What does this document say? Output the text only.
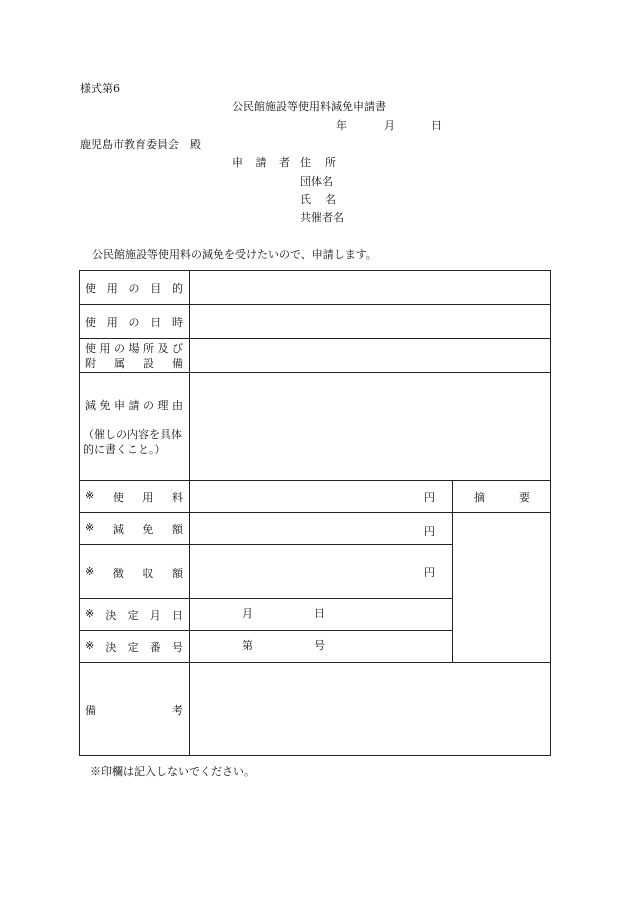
様式第6
公民館施設等使用料減免申請書
年	月	日
鹿児島市教育委員会　殿
申 請 者 住 所
団体名
氏 名
共催者名
公民館施設等使用料の減免を受けたいので、申請します。
使 用 の 目 的
使 用 の 日 時
使 用 の 場 所 及 び
附 属 設 備
減 免 申 請 の 理 由
（催しの内容を具体
的に書くこと。）
※ 使 用 料	円	摘	要
※ 減 免 額	円
※ 徴 収 額	円
※ 決 定 月 日	月	日
※ 決 定 番 号	第	号
備	考
※印欄は記入しないでください。
